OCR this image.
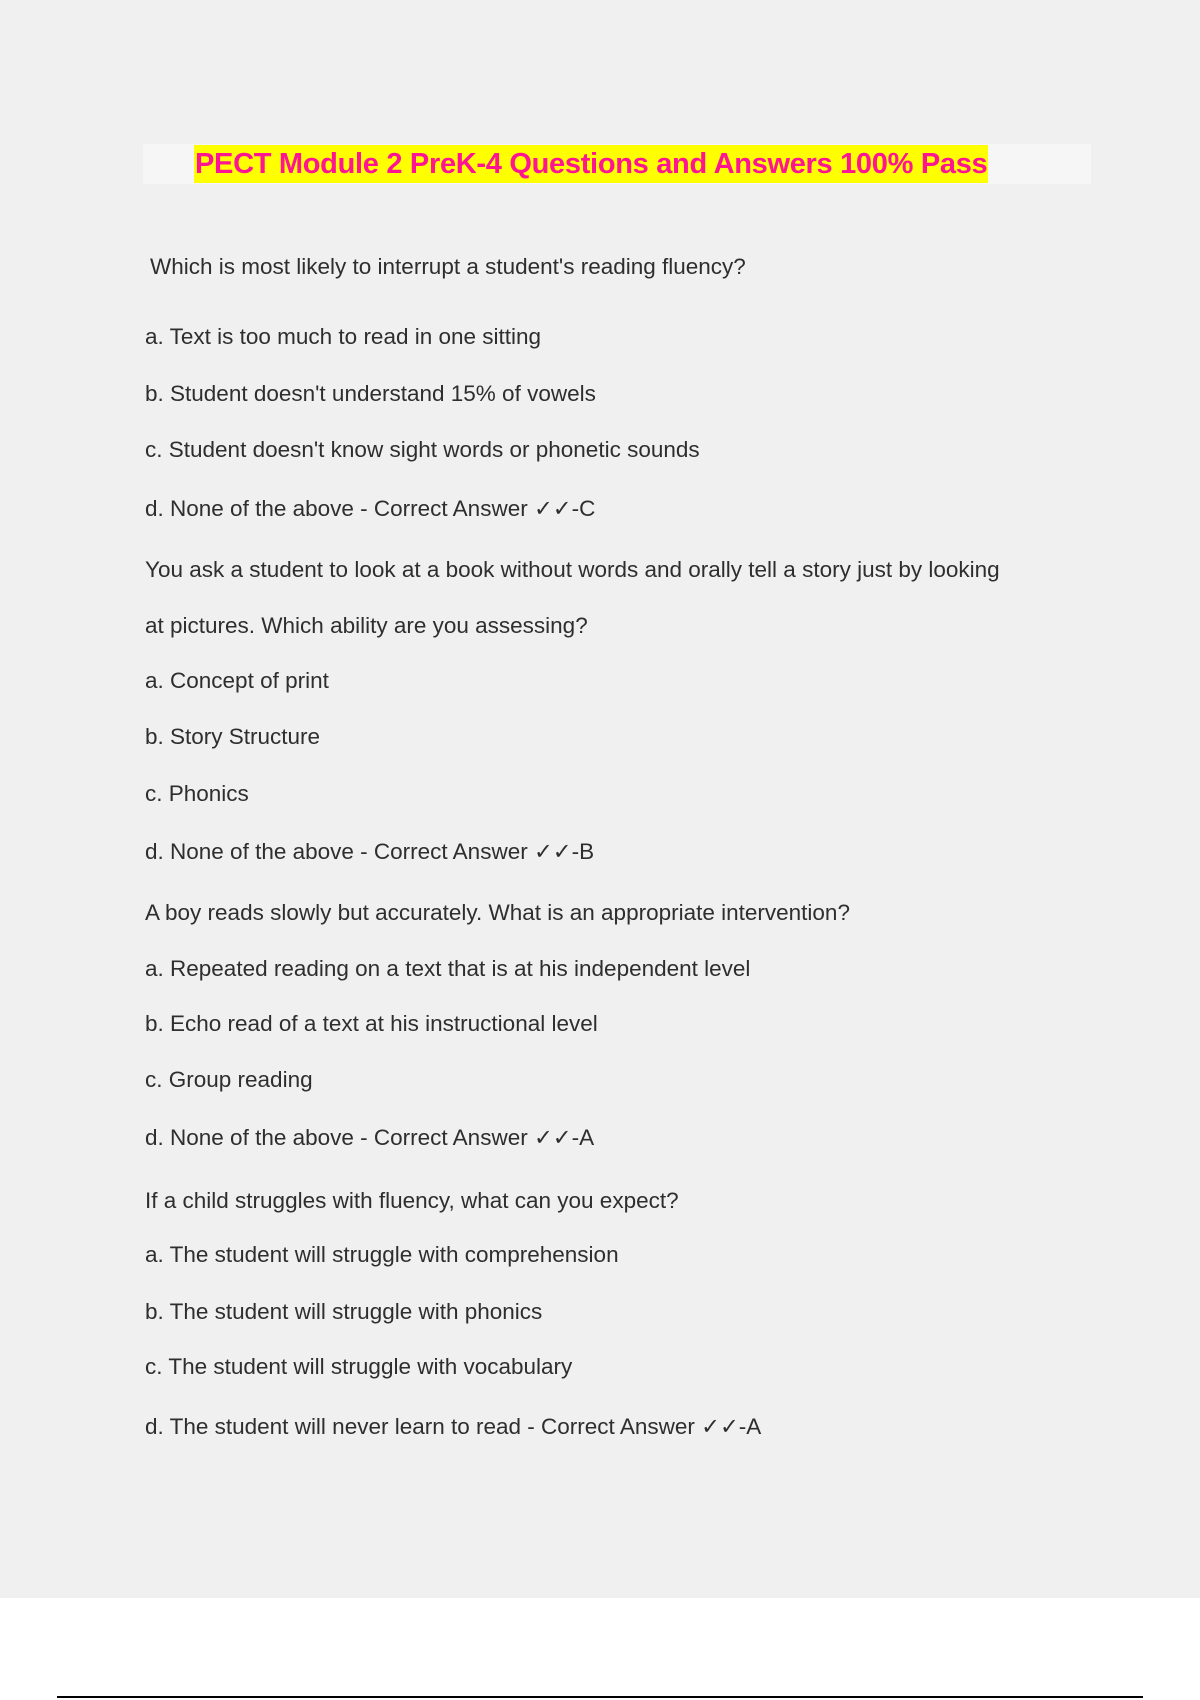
PECT Module 2 PreK-4 Questions and Answers 100% Pass
Which is most likely to interrupt a student's reading fluency?
a. Text is too much to read in one sitting
b. Student doesn't understand 15% of vowels
c. Student doesn't know sight words or phonetic sounds
d. None of the above - Correct Answer ✓✓-C
You ask a student to look at a book without words and orally tell a story just by looking
at pictures. Which ability are you assessing?
a. Concept of print
b. Story Structure
c. Phonics
d. None of the above - Correct Answer ✓✓-B
A boy reads slowly but accurately. What is an appropriate intervention?
a. Repeated reading on a text that is at his independent level
b. Echo read of a text at his instructional level
c. Group reading
d. None of the above - Correct Answer ✓✓-A
If a child struggles with fluency, what can you expect?
a. The student will struggle with comprehension
b. The student will struggle with phonics
c. The student will struggle with vocabulary
d. The student will never learn to read - Correct Answer ✓✓-A
